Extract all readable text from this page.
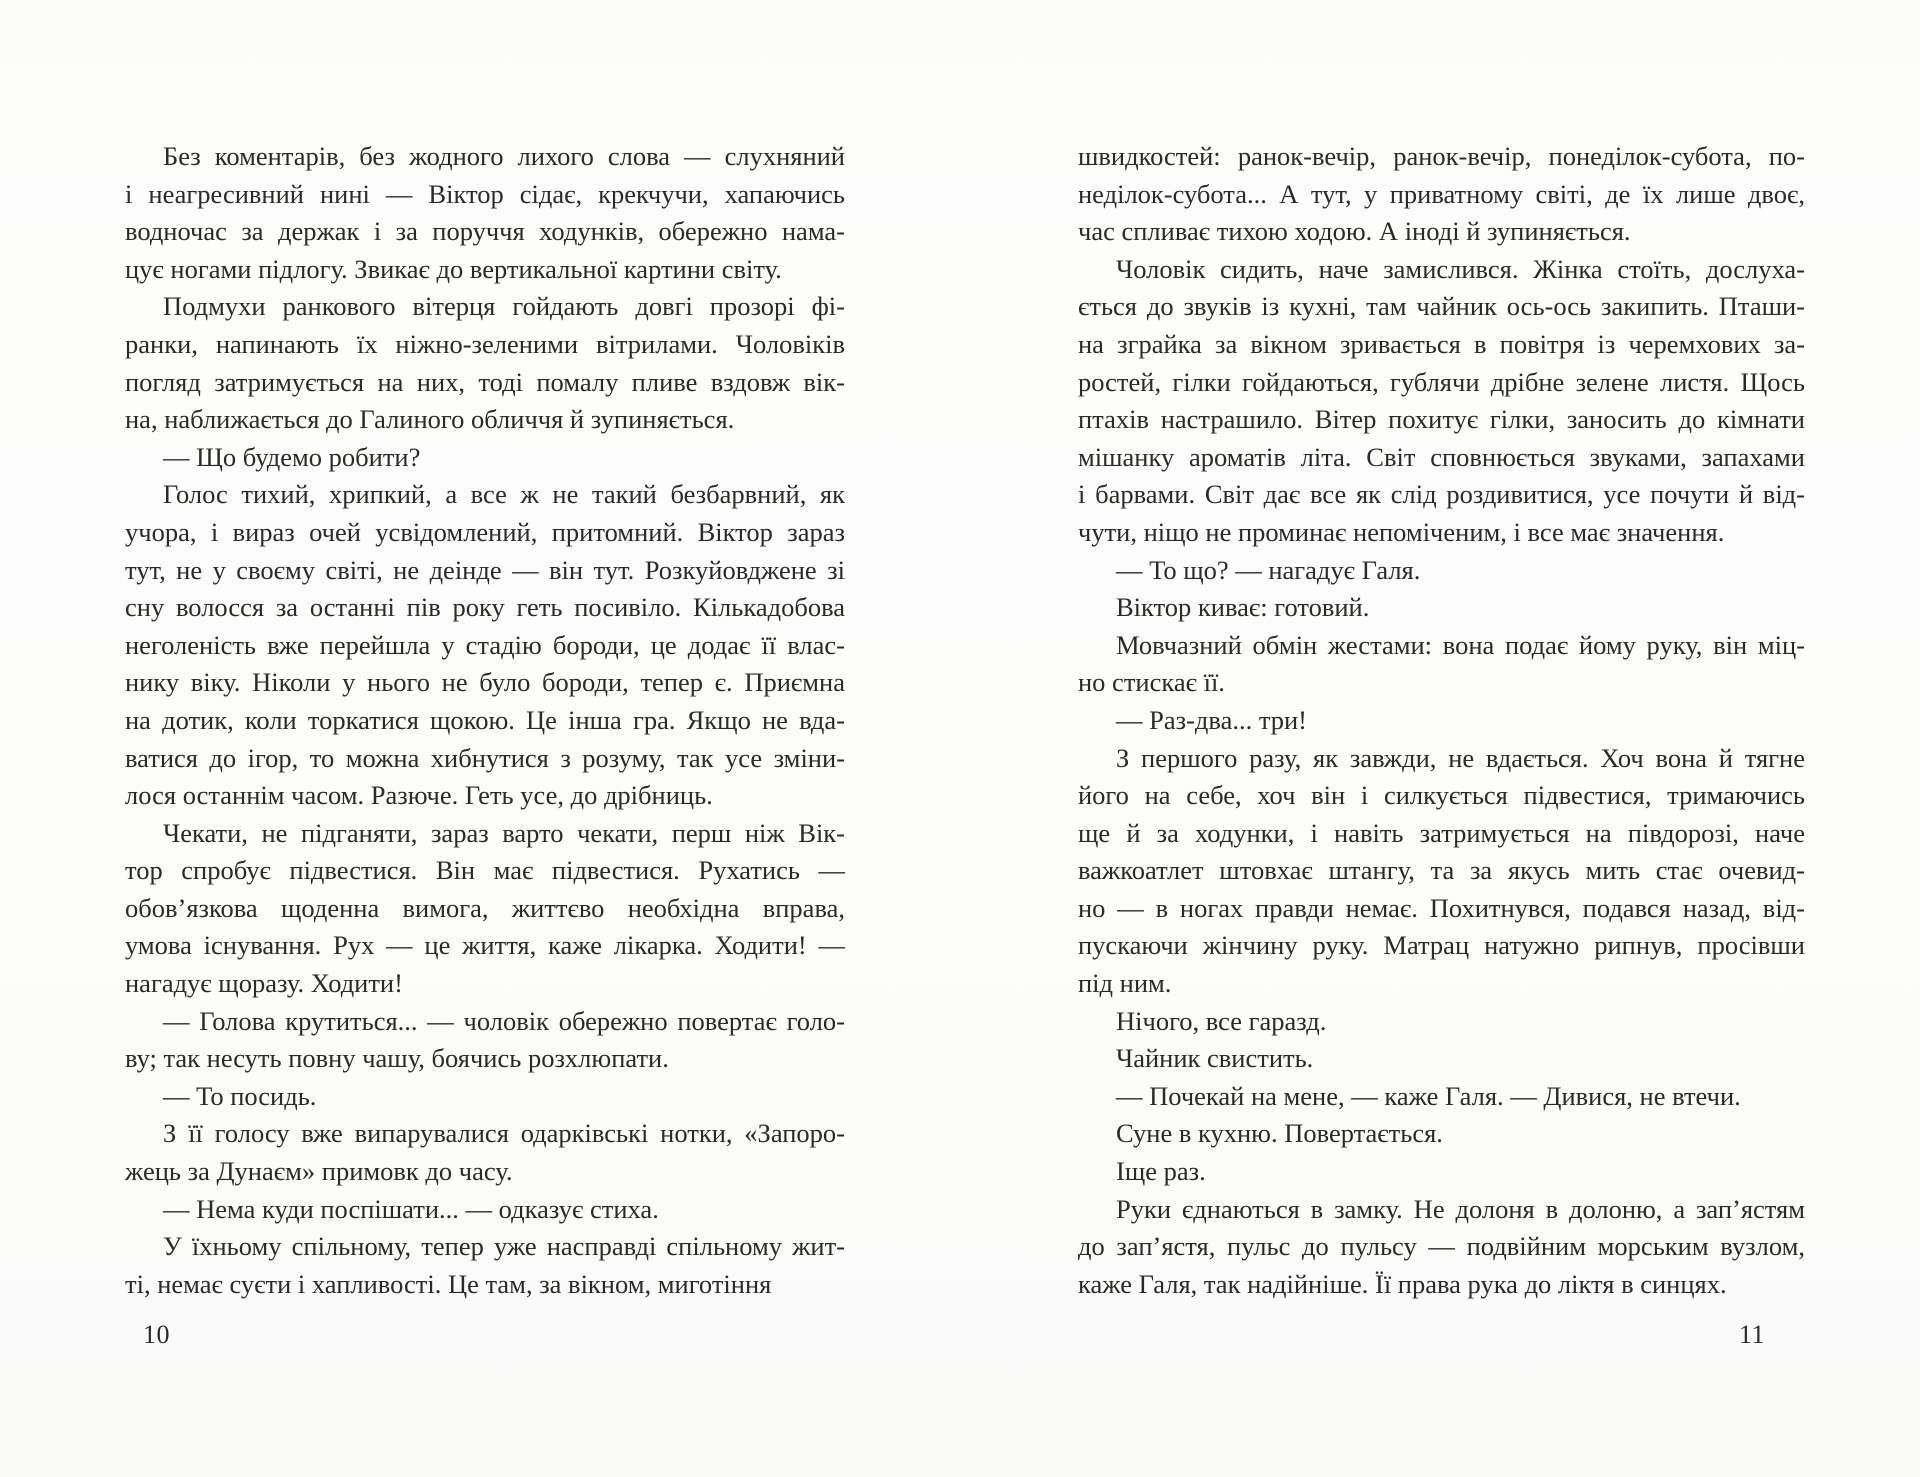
Без коментарів, без жодного лихого слова — слухняний
і неагресивний нині — Віктор сідає, крекчучи, хапаючись
водночас за держак і за поруччя ходунків, обережно нама-
цує ногами підлогу. Звикає до вертикальної картини світу.
Подмухи ранкового вітерця гойдають довгі прозорі фі-
ранки, напинають їх ніжно-зеленими вітрилами. Чоловіків
погляд затримується на них, тоді помалу пливе вздовж вік-
на, наближається до Галиного обличчя й зупиняється.
— Що будемо робити?
Голос тихий, хрипкий, а все ж не такий безбарвний, як
учора, і вираз очей усвідомлений, притомний. Віктор зараз
тут, не у своєму світі, не деінде — він тут. Розкуйовджене зі
сну волосся за останні пів року геть посивіло. Кількадобова
неголеність вже перейшла у стадію бороди, це додає її влас-
нику віку. Ніколи у нього не було бороди, тепер є. Приємна
на дотик, коли торкатися щокою. Це інша гра. Якщо не вда-
ватися до ігор, то можна хибнутися з розуму, так усе зміни-
лося останнім часом. Разюче. Геть усе, до дрібниць.
Чекати, не підганяти, зараз варто чекати, перш ніж Вік-
тор спробує підвестися. Він має підвестися. Рухатись —
обов’язкова щоденна вимога, життєво необхідна вправа,
умова існування. Рух — це життя, каже лікарка. Ходити! —
нагадує щоразу. Ходити!
— Голова крутиться... — чоловік обережно повертає голо-
ву; так несуть повну чашу, боячись розхлюпати.
— То посидь.
З її голосу вже випарувалися одарківські нотки, «Запоро-
жець за Дунаєм» примовк до часу.
— Нема куди поспішати... — одказує стиха.
У їхньому спільному, тепер уже насправді спільному жит-
ті, немає суєти і хапливості. Це там, за вікном, миготіння
швидкостей: ранок-вечір, ранок-вечір, понеділок-субота, по-
неділок-субота... А тут, у приватному світі, де їх лише двоє,
час спливає тихою ходою. А іноді й зупиняється.
Чоловік сидить, наче замислився. Жінка стоїть, дослуха-
ється до звуків із кухні, там чайник ось-ось закипить. Пташи-
на зграйка за вікном зривається в повітря із черемхових за-
ростей, гілки гойдаються, гублячи дрібне зелене листя. Щось
птахів настрашило. Вітер похитує гілки, заносить до кімнати
мішанку ароматів літа. Світ сповнюється звуками, запахами
і барвами. Світ дає все як слід роздивитися, усе почути й від-
чути, ніщо не проминає непоміченим, і все має значення.
— То що? — нагадує Галя.
Віктор киває: готовий.
Мовчазний обмін жестами: вона подає йому руку, він міц-
но стискає її.
— Раз-два... три!
З першого разу, як завжди, не вдається. Хоч вона й тягне
його на себе, хоч він і силкується підвестися, тримаючись
ще й за ходунки, і навіть затримується на півдорозі, наче
важкоатлет штовхає штангу, та за якусь мить стає очевид-
но — в ногах правди немає. Похитнувся, подався назад, від-
пускаючи жінчину руку. Матрац натужно рипнув, просівши
під ним.
Нічого, все гаразд.
Чайник свистить.
— Почекай на мене, — каже Галя. — Дивися, не втечи.
Суне в кухню. Повертається.
Іще раз.
Руки єднаються в замку. Не долоня в долоню, а зап’ястям
до зап’ястя, пульс до пульсу — подвійним морським вузлом,
каже Галя, так надійніше. Її права рука до ліктя в синцях.
10	11
